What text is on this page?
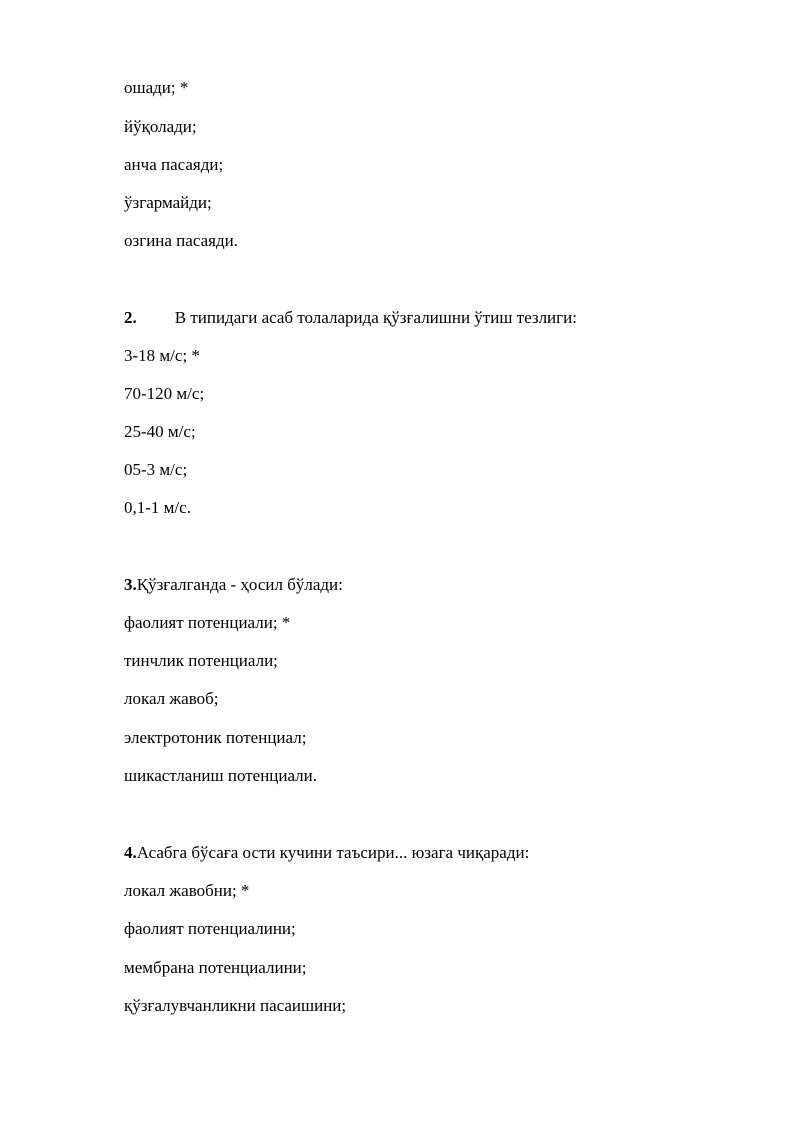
ошади; *
йўқолади;
анча пасаяди;
ўзгармайди;
озгина пасаяди.
2. В типидаги асаб толаларида қўзғалишни ўтиш тезлиги:
3-18 м/с; *
70-120 м/с;
25-40 м/с;
05-3 м/с;
0,1-1 м/с.
3.Қўзғалганда - ҳосил бўлади:
фаолият потенциали; *
тинчлик потенциали;
локал жавоб;
электротоник потенциал;
шикастланиш потенциали.
4.Асабга бўсаға ости кучини таъсири... юзага чиқаради:
локал жавобни; *
фаолият потенциалини;
мембрана потенциалини;
қўзғалувчанликни пасаишини;
